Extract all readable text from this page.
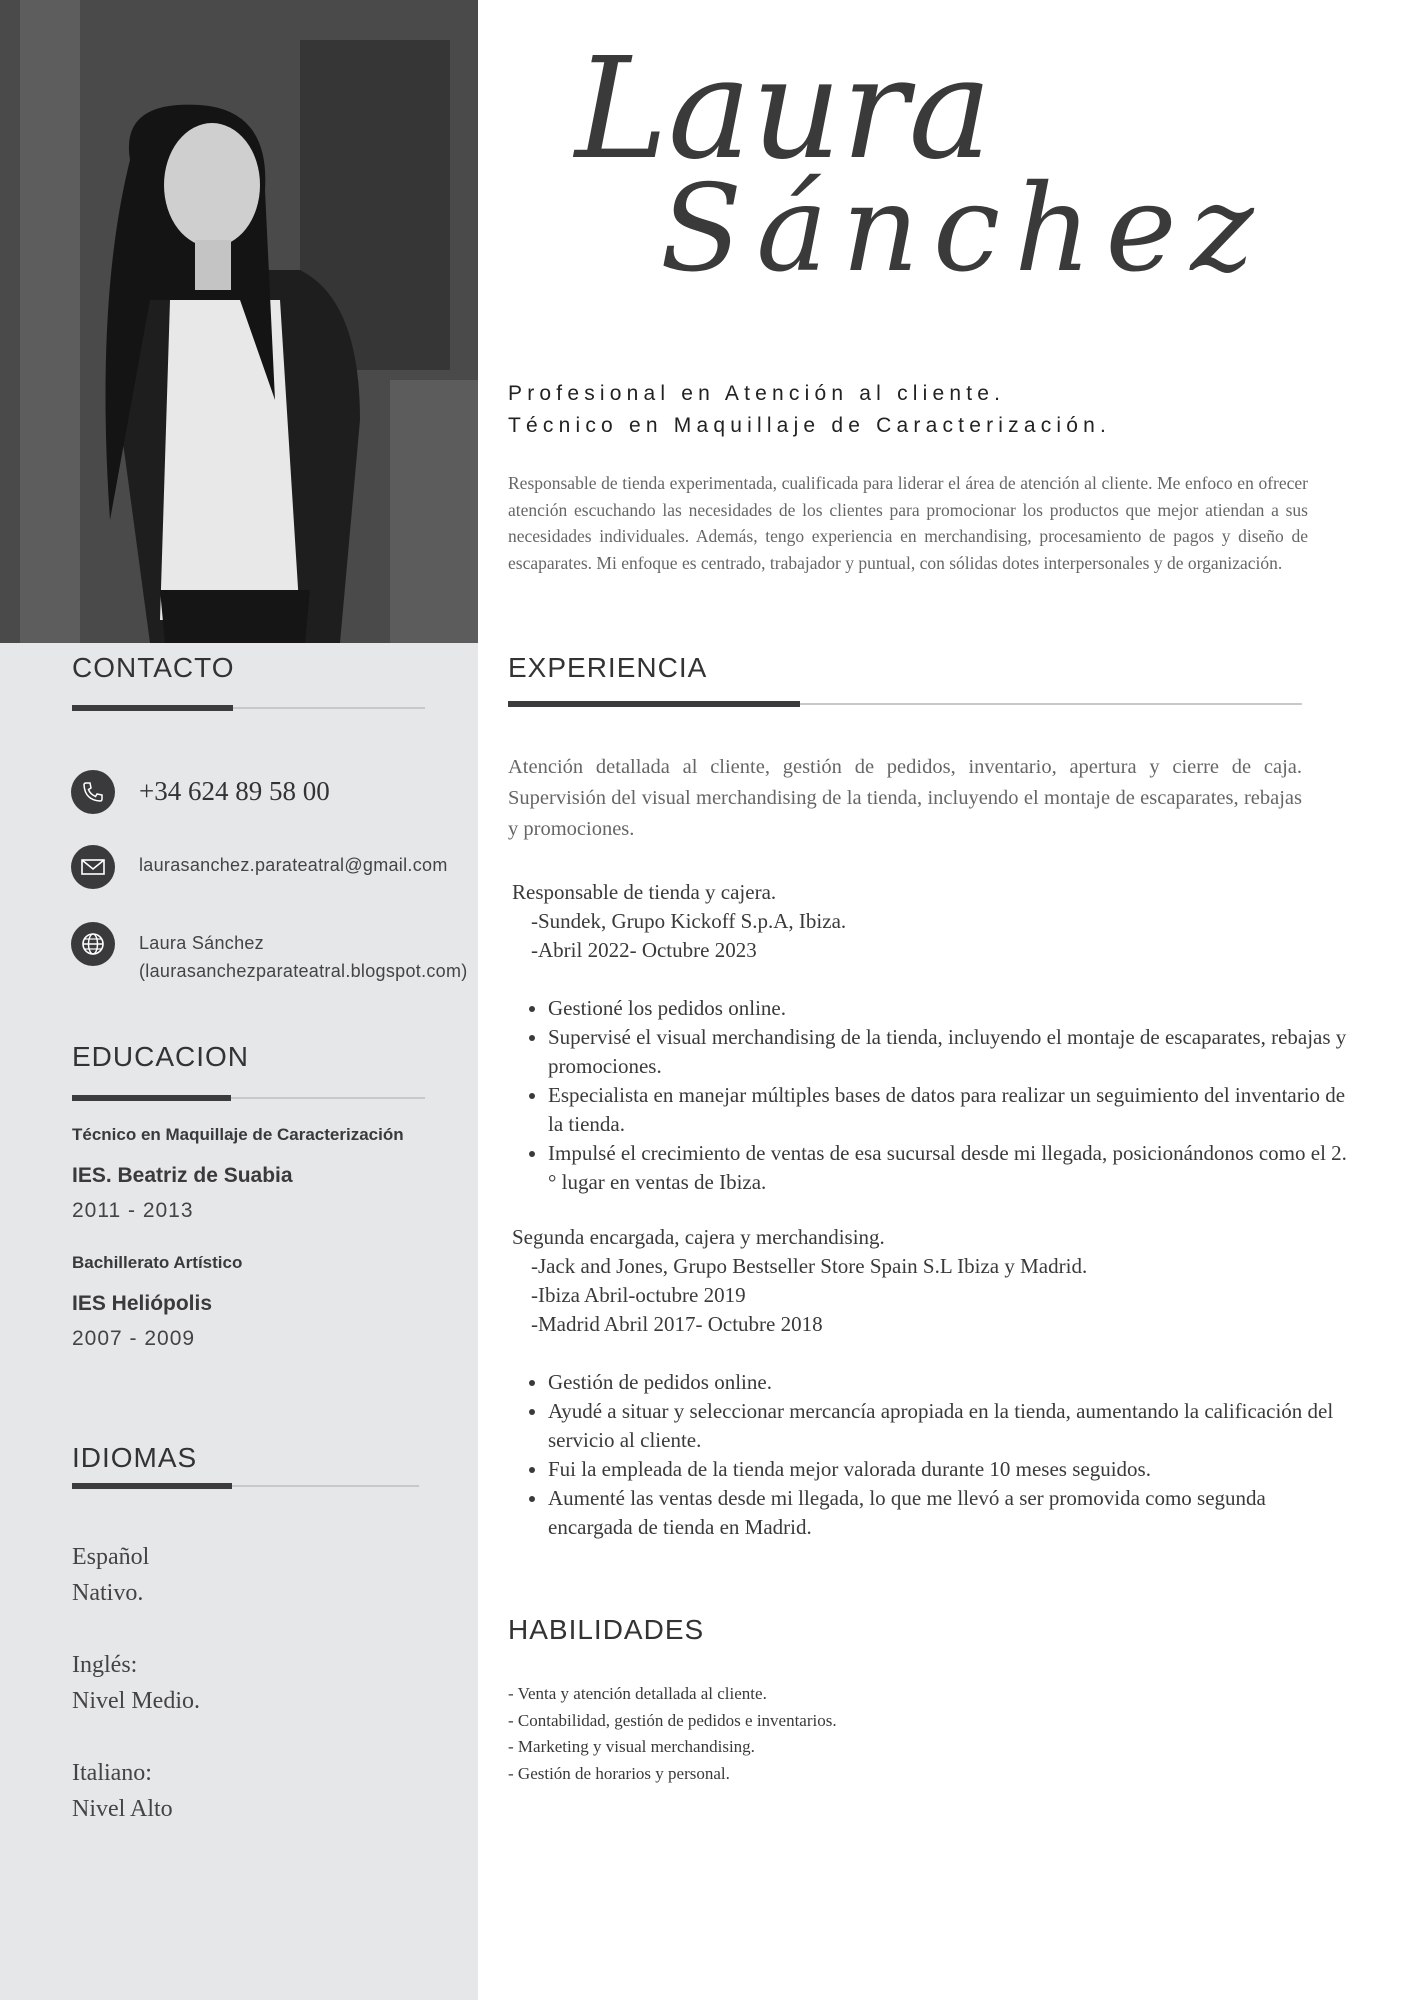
Laura
Sánchez
Profesional en Atención al cliente.
Técnico en Maquillaje de Caracterización.
Responsable de tienda experimentada, cualificada para liderar el área de atención al cliente. Me enfoco en ofrecer atención escuchando las necesidades de los clientes para promocionar los productos que mejor atiendan a sus necesidades individuales. Además, tengo experiencia en merchandising, procesamiento de pagos y diseño de escaparates. Mi enfoque es centrado, trabajador y puntual, con sólidas dotes interpersonales y de organización.
CONTACTO
+34 624 89 58 00
laurasanchez.parateatral@gmail.com
Laura Sánchez
(laurasanchezparateatral.blogspot.com)
EDUCACION
Técnico en Maquillaje de Caracterización
IES. Beatriz de Suabia
2011 - 2013
Bachillerato Artístico
IES Heliópolis
2007 - 2009
IDIOMAS
Español
Nativo.
Inglés:
Nivel Medio.
Italiano:
Nivel Alto
EXPERIENCIA
Atención detallada al cliente, gestión de pedidos, inventario, apertura y cierre de caja. Supervisión del visual merchandising de la tienda, incluyendo el montaje de escaparates, rebajas y promociones.
Responsable de tienda y cajera.
-Sundek, Grupo Kickoff S.p.A, Ibiza.
-Abril 2022- Octubre 2023
• Gestioné los pedidos online.
• Supervisé el visual merchandising de la tienda, incluyendo el montaje de escaparates, rebajas y promociones.
• Especialista en manejar múltiples bases de datos para realizar un seguimiento del inventario de la tienda.
• Impulsé el crecimiento de ventas de esa sucursal desde mi llegada, posicionándonos como el 2.° lugar en ventas de Ibiza.
Segunda encargada, cajera y merchandising.
-Jack and Jones, Grupo Bestseller Store Spain S.L Ibiza y Madrid.
-Ibiza Abril-octubre 2019
-Madrid Abril 2017- Octubre 2018
• Gestión de pedidos online.
• Ayudé a situar y seleccionar mercancía apropiada en la tienda, aumentando la calificación del servicio al cliente.
• Fui la empleada de la tienda mejor valorada durante 10 meses seguidos.
• Aumenté las ventas desde mi llegada, lo que me llevó a ser promovida como segunda encargada de tienda en Madrid.
HABILIDADES
- Venta y atención detallada al cliente.
- Contabilidad, gestión de pedidos e inventarios.
- Marketing y visual merchandising.
- Gestión de horarios y personal.
